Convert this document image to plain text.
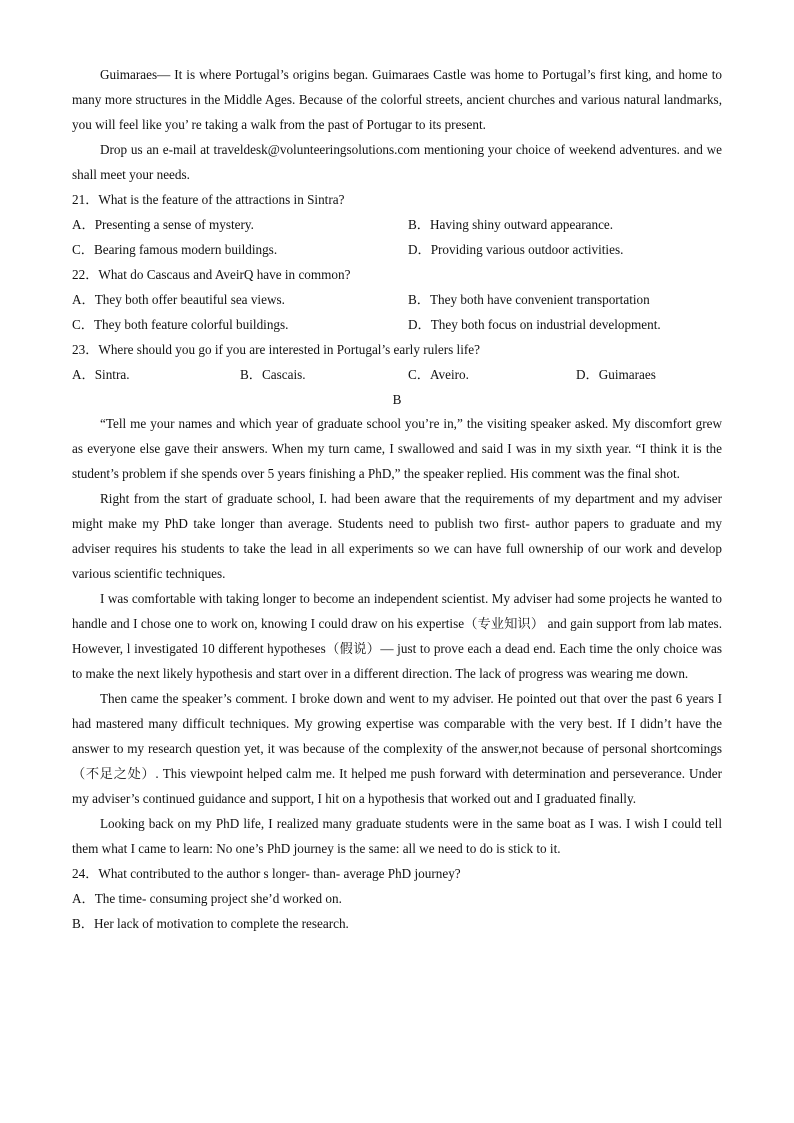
Guimaraes— It is where Portugal’s origins began. Guimaraes Castle was home to Portugal’s first king, and home to many more structures in the Middle Ages. Because of the colorful streets, ancient churches and various natural landmarks, you will feel like you’ re taking a walk from the past of Portugar to its present.

Drop us an e-mail at traveldesk@volunteeringsolutions.com mentioning your choice of weekend adventures. and we shall meet your needs.

21．What is the feature of the attractions in Sintra?
A．Presenting a sense of mystery.	B．Having shiny outward appearance.
C．Bearing famous modern buildings.	D．Providing various outdoor activities.
22．What do Cascaus and AveirQ have in common?
A．They both offer beautiful sea views.	B．They both have convenient transportation
C．They both feature colorful buildings.	D．They both focus on industrial development.
23．Where should you go if you are interested in Portugal’s early rulers life?
A．Sintra.	B．Cascais.	C．Aveiro.	D．Guimaraes
B

“Tell me your names and which year of graduate school you’re in,” the visiting speaker asked. My discomfort grew as everyone else gave their answers. When my turn came, I swallowed and said I was in my sixth year. “I think it is the student’s problem if she spends over 5 years finishing a PhD,” the speaker replied. His comment was the final shot.

Right from the start of graduate school, I. had been aware that the requirements of my department and my adviser might make my PhD take longer than average. Students need to publish two first- author papers to graduate and my adviser requires his students to take the lead in all experiments so we can have full ownership of our work and develop various scientific techniques.

I was comfortable with taking longer to become an independent scientist. My adviser had some projects he wanted to handle and I chose one to work on, knowing I could draw on his expertise（专业知识） and gain support from lab mates. However, l investigated 10 different hypotheses（假说）— just to prove each a dead end. Each time the only choice was to make the next likely hypothesis and start over in a different direction. The lack of progress was wearing me down.

Then came the speaker’s comment. I broke down and went to my adviser. He pointed out that over the past 6 years I had mastered many difficult techniques. My growing expertise was comparable with the very best. If I didn’t have the answer to my research question yet, it was because of the complexity of the answer,not because of personal shortcomings（不足之处）. This viewpoint helped calm me. It helped me push forward with determination and perseverance. Under my adviser’s continued guidance and support, I hit on a hypothesis that worked out and I graduated finally.

Looking back on my PhD life, I realized many graduate students were in the same boat as I was. I wish I could tell them what I came to learn: No one’s PhD journey is the same: all we need to do is stick to it.

24．What contributed to the author s longer- than- average PhD journey?
A．The time- consuming project she’d worked on.
B．Her lack of motivation to complete the research.
